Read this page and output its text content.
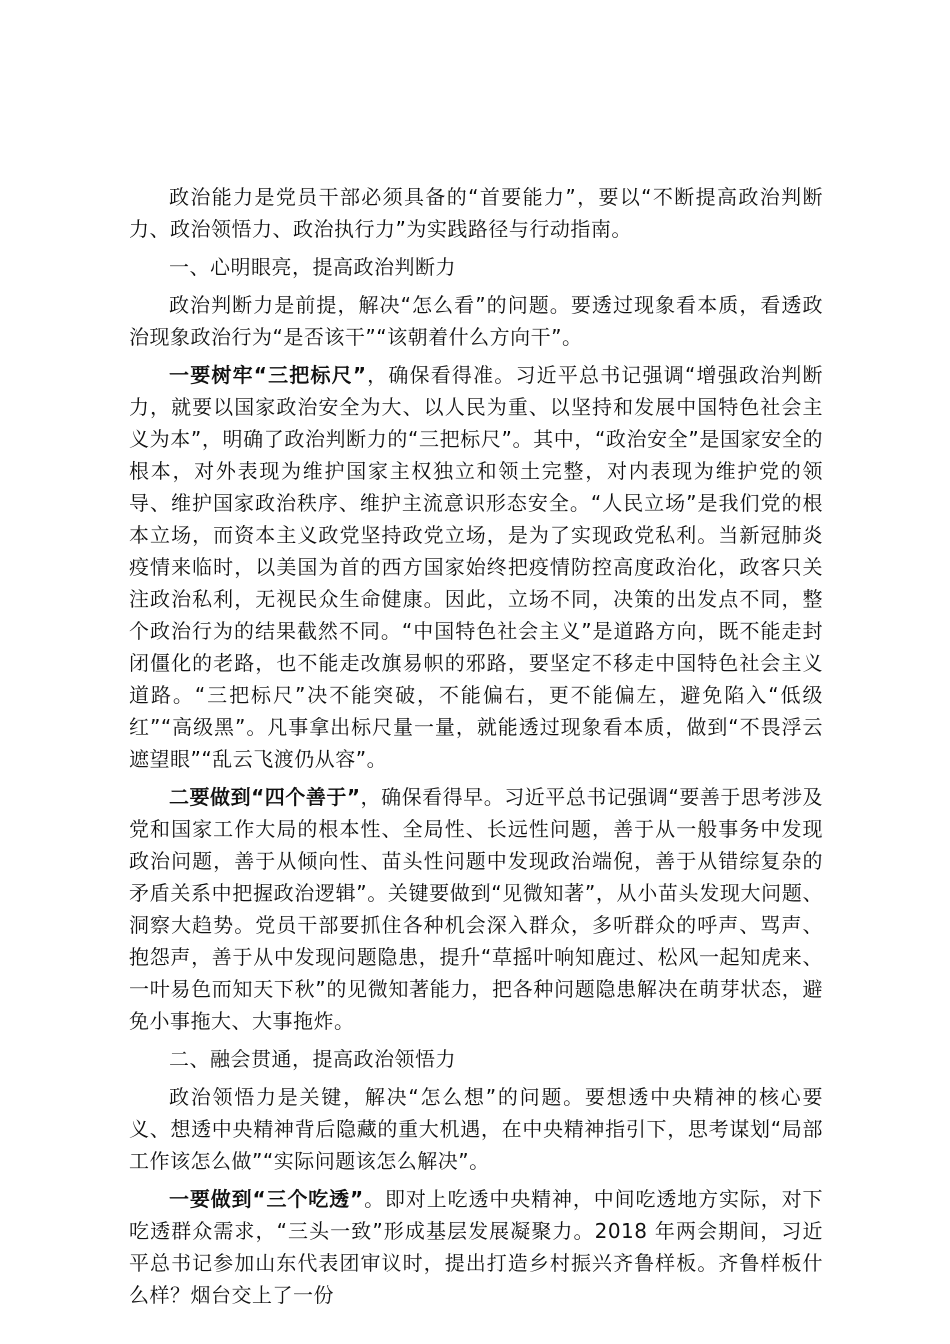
政治能力是党员干部必须具备的“首要能力”，要以“不断提高政治判断力、政治领悟力、政治执行力”为实践路径与行动指南。

一、心明眼亮，提高政治判断力

政治判断力是前提，解决“怎么看”的问题。要透过现象看本质，看透政治现象政治行为“是否该干”“该朝着什么方向干”。

一要树牢“三把标尺”，确保看得准。习近平总书记强调“增强政治判断力，就要以国家政治安全为大、以人民为重、以坚持和发展中国特色社会主义为本”，明确了政治判断力的“三把标尺”。其中，“政治安全”是国家安全的根本，对外表现为维护国家主权独立和领土完整，对内表现为维护党的领导、维护国家政治秩序、维护主流意识形态安全。“人民立场”是我们党的根本立场，而资本主义政党坚持政党立场，是为了实现政党私利。当新冠肺炎疫情来临时，以美国为首的西方国家始终把疫情防控高度政治化，政客只关注政治私利，无视民众生命健康。因此，立场不同，决策的出发点不同，整个政治行为的结果截然不同。“中国特色社会主义”是道路方向，既不能走封闭僵化的老路，也不能走改旗易帜的邪路，要坚定不移走中国特色社会主义道路。“三把标尺”决不能突破，不能偏右，更不能偏左，避免陷入“低级红”“高级黑”。凡事拿出标尺量一量，就能透过现象看本质，做到“不畏浮云遮望眼”“乱云飞渡仍从容”。

二要做到“四个善于”，确保看得早。习近平总书记强调“要善于思考涉及党和国家工作大局的根本性、全局性、长远性问题，善于从一般事务中发现政治问题，善于从倾向性、苗头性问题中发现政治端倪，善于从错综复杂的矛盾关系中把握政治逻辑”。关键要做到“见微知著”，从小苗头发现大问题、洞察大趋势。党员干部要抓住各种机会深入群众，多听群众的呼声、骂声、抱怨声，善于从中发现问题隐患，提升“草摇叶响知鹿过、松风一起知虎来、一叶易色而知天下秋”的见微知著能力，把各种问题隐患解决在萌芽状态，避免小事拖大、大事拖炸。

二、融会贯通，提高政治领悟力

政治领悟力是关键，解决“怎么想”的问题。要想透中央精神的核心要义、想透中央精神背后隐藏的重大机遇，在中央精神指引下，思考谋划“局部工作该怎么做”“实际问题该怎么解决”。

一要做到“三个吃透”。即对上吃透中央精神，中间吃透地方实际，对下吃透群众需求，“三头一致”形成基层发展凝聚力。2018 年两会期间，习近平总书记参加山东代表团审议时，提出打造乡村振兴齐鲁样板。齐鲁样板什么样？烟台交上了一份
